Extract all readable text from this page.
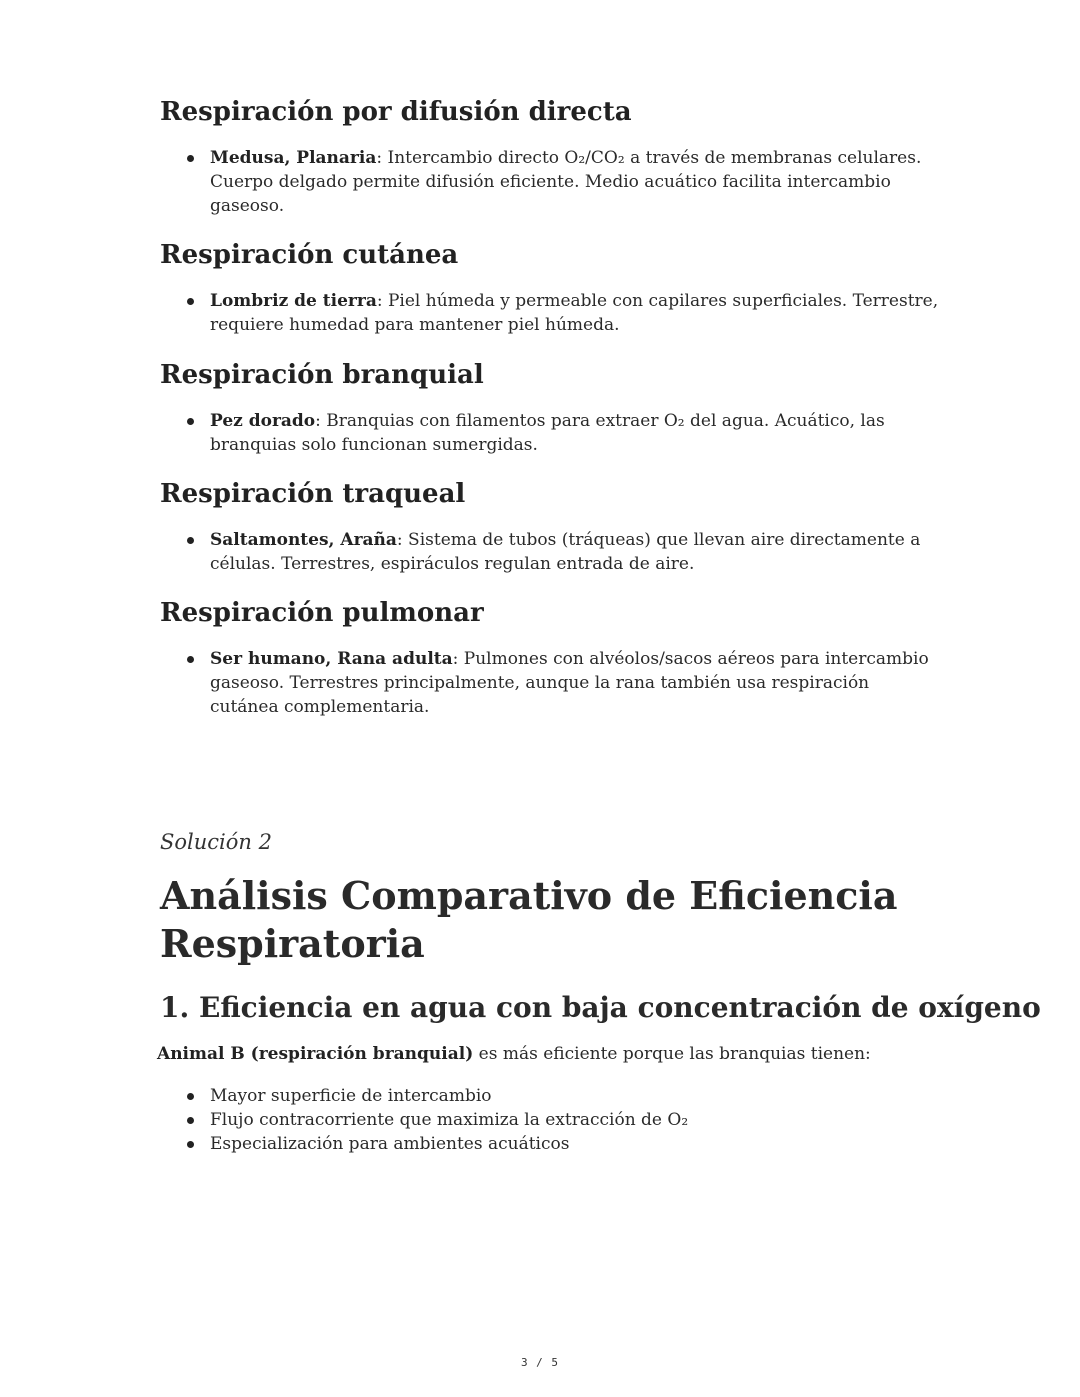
Respiración por difusión directa
Medusa, Planaria: Intercambio directo O₂/CO₂ a través de membranas celulares. Cuerpo delgado permite difusión eficiente. Medio acuático facilita intercambio gaseoso.
Respiración cutánea
Lombriz de tierra: Piel húmeda y permeable con capilares superficiales. Terrestre, requiere humedad para mantener piel húmeda.
Respiración branquial
Pez dorado: Branquias con filamentos para extraer O₂ del agua. Acuático, las branquias solo funcionan sumergidas.
Respiración traqueal
Saltamontes, Araña: Sistema de tubos (tráqueas) que llevan aire directamente a células. Terrestres, espiráculos regulan entrada de aire.
Respiración pulmonar
Ser humano, Rana adulta: Pulmones con alvéolos/sacos aéreos para intercambio gaseoso. Terrestres principalmente, aunque la rana también usa respiración cutánea complementaria.

Solución 2

Análisis Comparativo de Eficiencia Respiratoria
1. Eficiencia en agua con baja concentración de oxígeno

Animal B (respiración branquial) es más eficiente porque las branquias tienen:

Mayor superficie de intercambio
Flujo contracorriente que maximiza la extracción de O₂
Especialización para ambientes acuáticos
3 / 5
